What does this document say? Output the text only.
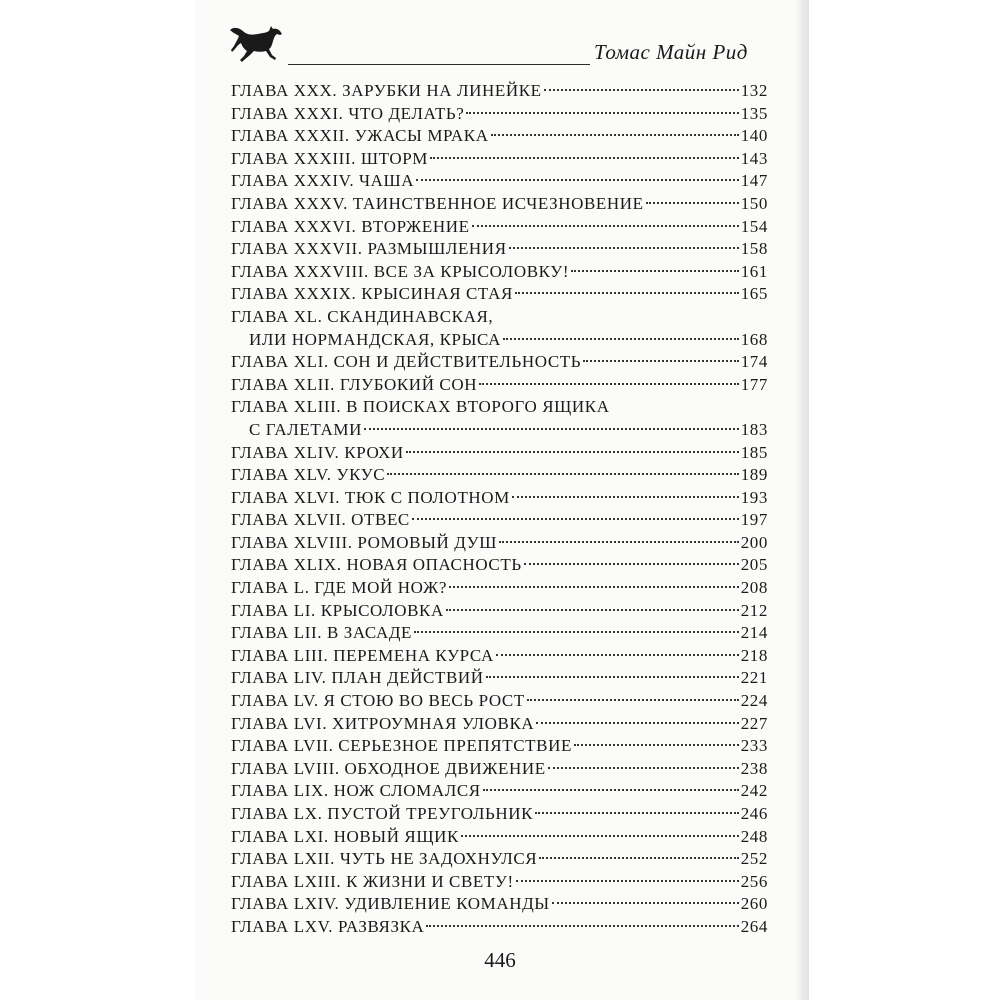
Томас Майн Рид
ГЛАВА XXX. ЗАРУБКИ НА ЛИНЕЙКЕ	132
ГЛАВА XXXI. ЧТО ДЕЛАТЬ?	135
ГЛАВА XXXII. УЖАСЫ МРАКА	140
ГЛАВА XXXIII. ШТОРМ	143
ГЛАВА XXXIV. ЧАША	147
ГЛАВА XXXV. ТАИНСТВЕННОЕ ИСЧЕЗНОВЕНИЕ	150
ГЛАВА XXXVI. ВТОРЖЕНИЕ	154
ГЛАВА XXXVII. РАЗМЫШЛЕНИЯ	158
ГЛАВА XXXVIII. ВСЕ ЗА КРЫСОЛОВКУ!	161
ГЛАВА XXXIX. КРЫСИНАЯ СТАЯ	165
ГЛАВА XL. СКАНДИНАВСКАЯ,
ИЛИ НОРМАНДСКАЯ, КРЫСА	168
ГЛАВА XLI. СОН И ДЕЙСТВИТЕЛЬНОСТЬ	174
ГЛАВА XLII. ГЛУБОКИЙ СОН	177
ГЛАВА XLIII. В ПОИСКАХ ВТОРОГО ЯЩИКА
С ГАЛЕТАМИ	183
ГЛАВА XLIV. КРОХИ	185
ГЛАВА XLV. УКУС	189
ГЛАВА XLVI. ТЮК С ПОЛОТНОМ	193
ГЛАВА XLVII. ОТВЕС	197
ГЛАВА XLVIII. РОМОВЫЙ ДУШ	200
ГЛАВА XLIX. НОВАЯ ОПАСНОСТЬ	205
ГЛАВА L. ГДЕ МОЙ НОЖ?	208
ГЛАВА LI. КРЫСОЛОВКА	212
ГЛАВА LII. В ЗАСАДЕ	214
ГЛАВА LIII. ПЕРЕМЕНА КУРСА	218
ГЛАВА LIV. ПЛАН ДЕЙСТВИЙ	221
ГЛАВА LV. Я СТОЮ ВО ВЕСЬ РОСТ	224
ГЛАВА LVI. ХИТРОУМНАЯ УЛОВКА	227
ГЛАВА LVII. СЕРЬЕЗНОЕ ПРЕПЯТСТВИЕ	233
ГЛАВА LVIII. ОБХОДНОЕ ДВИЖЕНИЕ	238
ГЛАВА LIX. НОЖ СЛОМАЛСЯ	242
ГЛАВА LX. ПУСТОЙ ТРЕУГОЛЬНИК	246
ГЛАВА LXI. НОВЫЙ ЯЩИК	248
ГЛАВА LXII. ЧУТЬ НЕ ЗАДОХНУЛСЯ	252
ГЛАВА LXIII. К ЖИЗНИ И СВЕТУ!	256
ГЛАВА LXIV. УДИВЛЕНИЕ КОМАНДЫ	260
ГЛАВА LXV. РАЗВЯЗКА	264
446
